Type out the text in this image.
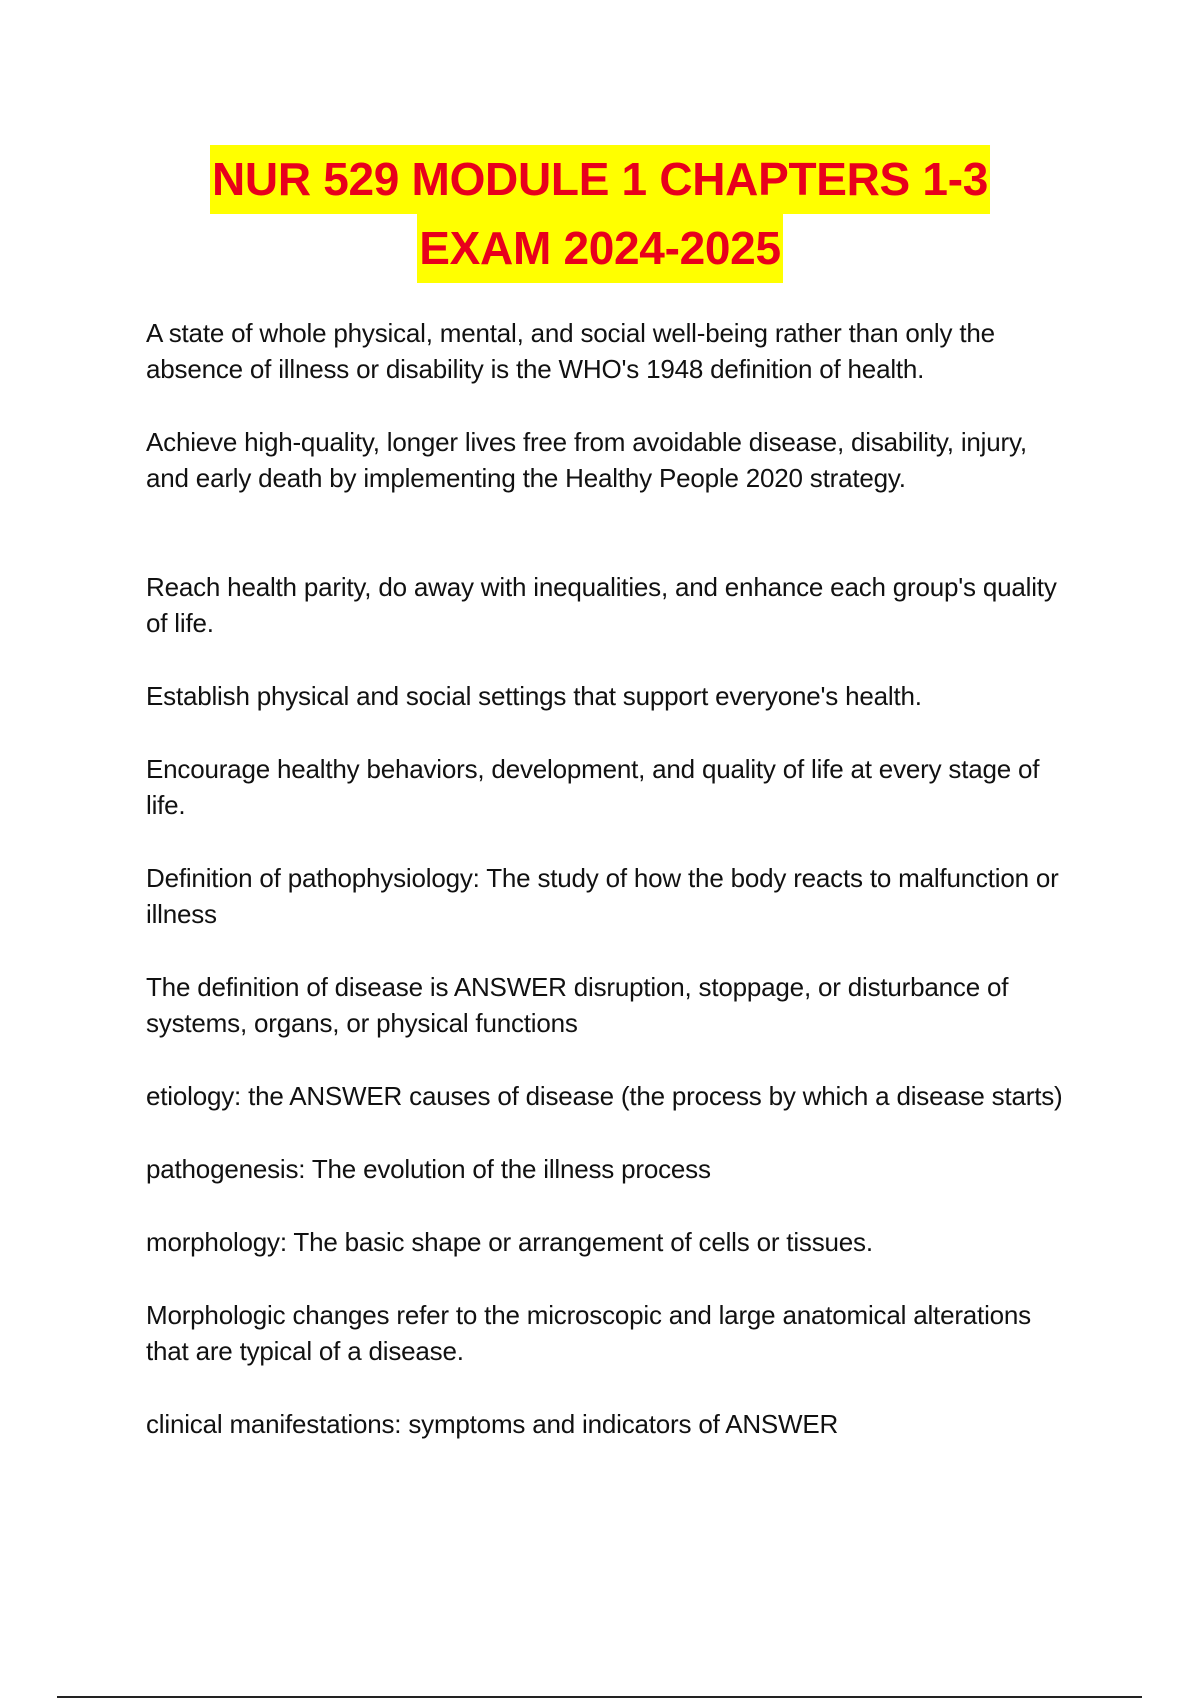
NUR 529 MODULE 1 CHAPTERS 1-3
EXAM 2024-2025

A state of whole physical, mental, and social well-being rather than only the absence of illness or disability is the WHO's 1948 definition of health.

Achieve high-quality, longer lives free from avoidable disease, disability, injury, and early death by implementing the Healthy People 2020 strategy.

Reach health parity, do away with inequalities, and enhance each group's quality of life.

Establish physical and social settings that support everyone's health.

Encourage healthy behaviors, development, and quality of life at every stage of life.

Definition of pathophysiology: The study of how the body reacts to malfunction or illness

The definition of disease is ANSWER disruption, stoppage, or disturbance of systems, organs, or physical functions

etiology: the ANSWER causes of disease (the process by which a disease starts)

pathogenesis: The evolution of the illness process

morphology: The basic shape or arrangement of cells or tissues.

Morphologic changes refer to the microscopic and large anatomical alterations that are typical of a disease.

clinical manifestations: symptoms and indicators of ANSWER
